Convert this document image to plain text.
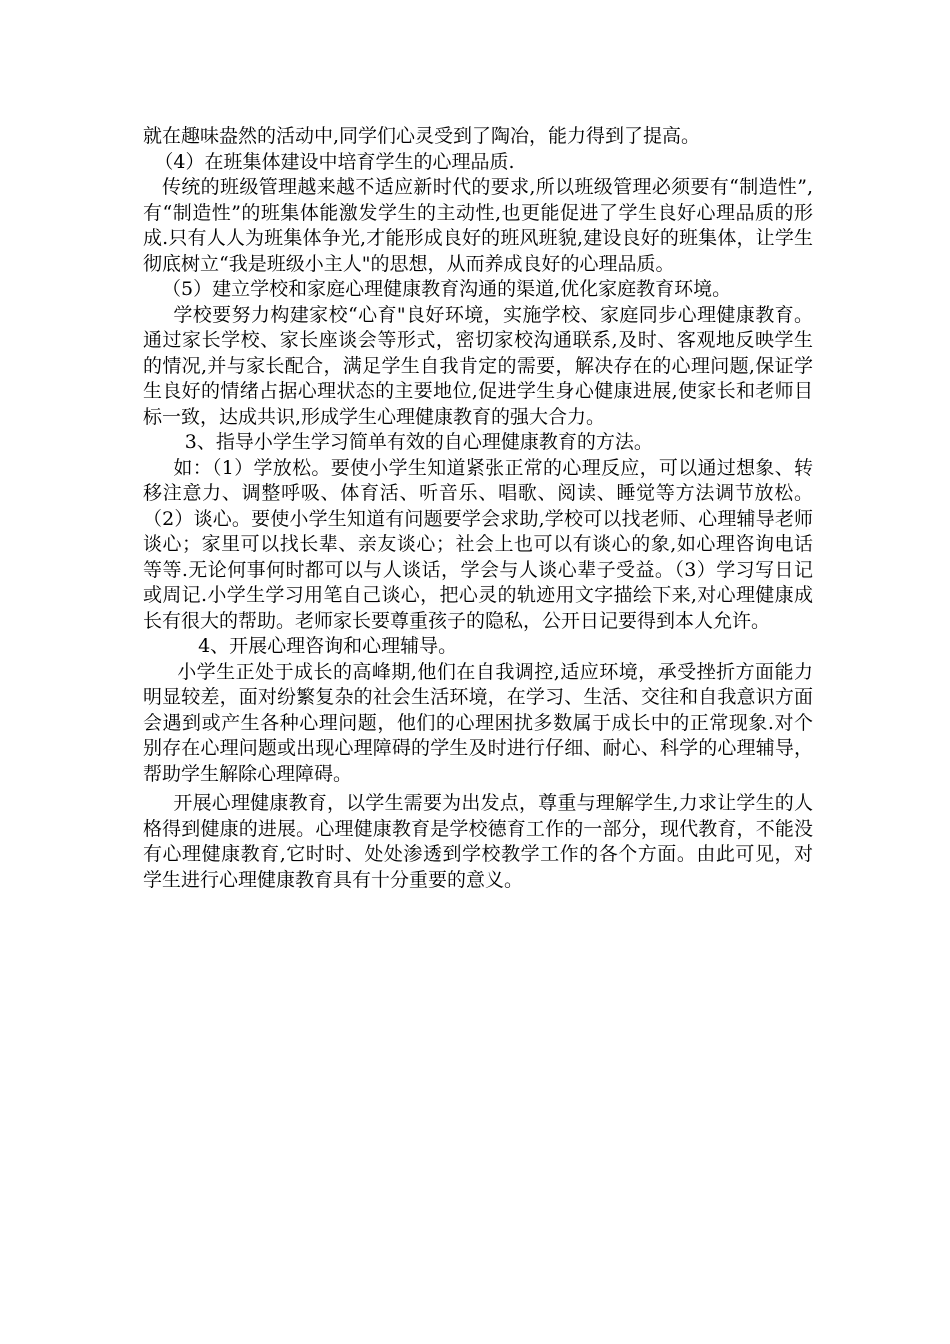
就在趣味盎然的活动中,同学们心灵受到了陶冶，能力得到了提高。

（4）在班集体建设中培育学生的心理品质.

传统的班级管理越来越不适应新时代的要求,所以班级管理必须要有“制造性”,有“制造性”的班集体能激发学生的主动性,也更能促进了学生良好心理品质的形成.只有人人为班集体争光,才能形成良好的班风班貌,建设良好的班集体，让学生彻底树立“我是班级小主人"的思想，从而养成良好的心理品质。

（5）建立学校和家庭心理健康教育沟通的渠道,优化家庭教育环境。

学校要努力构建家校“心育"良好环境，实施学校、家庭同步心理健康教育。通过家长学校、家长座谈会等形式，密切家校沟通联系,及时、客观地反映学生的情况,并与家长配合，满足学生自我肯定的需要，解决存在的心理问题,保证学生良好的情绪占据心理状态的主要地位,促进学生身心健康进展,使家长和老师目标一致，达成共识,形成学生心理健康教育的强大合力。

3、指导小学生学习简单有效的自心理健康教育的方法。

如：（1）学放松。要使小学生知道紧张正常的心理反应，可以通过想象、转移注意力、调整呼吸、体育活、听音乐、唱歌、阅读、睡觉等方法调节放松。（2）谈心。要使小学生知道有问题要学会求助,学校可以找老师、心理辅导老师谈心；家里可以找长辈、亲友谈心；社会上也可以有谈心的象,如心理咨询电话等等.无论何事何时都可以与人谈话，学会与人谈心辈子受益。（3）学习写日记或周记.小学生学习用笔自己谈心，把心灵的轨迹用文字描绘下来,对心理健康成长有很大的帮助。老师家长要尊重孩子的隐私，公开日记要得到本人允许。

4、开展心理咨询和心理辅导。

小学生正处于成长的高峰期,他们在自我调控,适应环境，承受挫折方面能力明显较差，面对纷繁复杂的社会生活环境，在学习、生活、交往和自我意识方面会遇到或产生各种心理问题，他们的心理困扰多数属于成长中的正常现象.对个别存在心理问题或出现心理障碍的学生及时进行仔细、耐心、科学的心理辅导，帮助学生解除心理障碍。

开展心理健康教育，以学生需要为出发点，尊重与理解学生,力求让学生的人格得到健康的进展。心理健康教育是学校德育工作的一部分，现代教育，不能没有心理健康教育,它时时、处处渗透到学校教学工作的各个方面。由此可见，对学生进行心理健康教育具有十分重要的意义。
